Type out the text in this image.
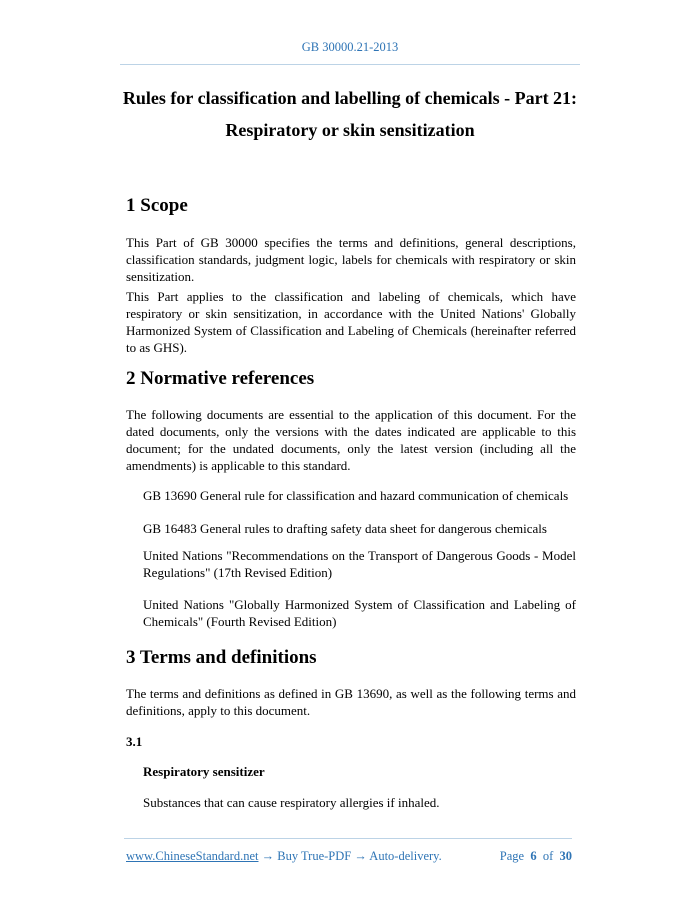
GB 30000.21-2013
Rules for classification and labelling of chemicals - Part 21:
Respiratory or skin sensitization
1 Scope
This Part of GB 30000 specifies the terms and definitions, general descriptions, classification standards, judgment logic, labels for chemicals with respiratory or skin sensitization.
This Part applies to the classification and labeling of chemicals, which have respiratory or skin sensitization, in accordance with the United Nations' Globally Harmonized System of Classification and Labeling of Chemicals (hereinafter referred to as GHS).
2 Normative references
The following documents are essential to the application of this document. For the dated documents, only the versions with the dates indicated are applicable to this document; for the undated documents, only the latest version (including all the amendments) is applicable to this standard.
GB 13690 General rule for classification and hazard communication of chemicals
GB 16483 General rules to drafting safety data sheet for dangerous chemicals
United Nations "Recommendations on the Transport of Dangerous Goods - Model Regulations" (17th Revised Edition)
United Nations "Globally Harmonized System of Classification and Labeling of Chemicals" (Fourth Revised Edition)
3 Terms and definitions
The terms and definitions as defined in GB 13690, as well as the following terms and definitions, apply to this document.
3.1
Respiratory sensitizer
Substances that can cause respiratory allergies if inhaled.
www.ChineseStandard.net → Buy True-PDF → Auto-delivery.	Page 6 of 30
